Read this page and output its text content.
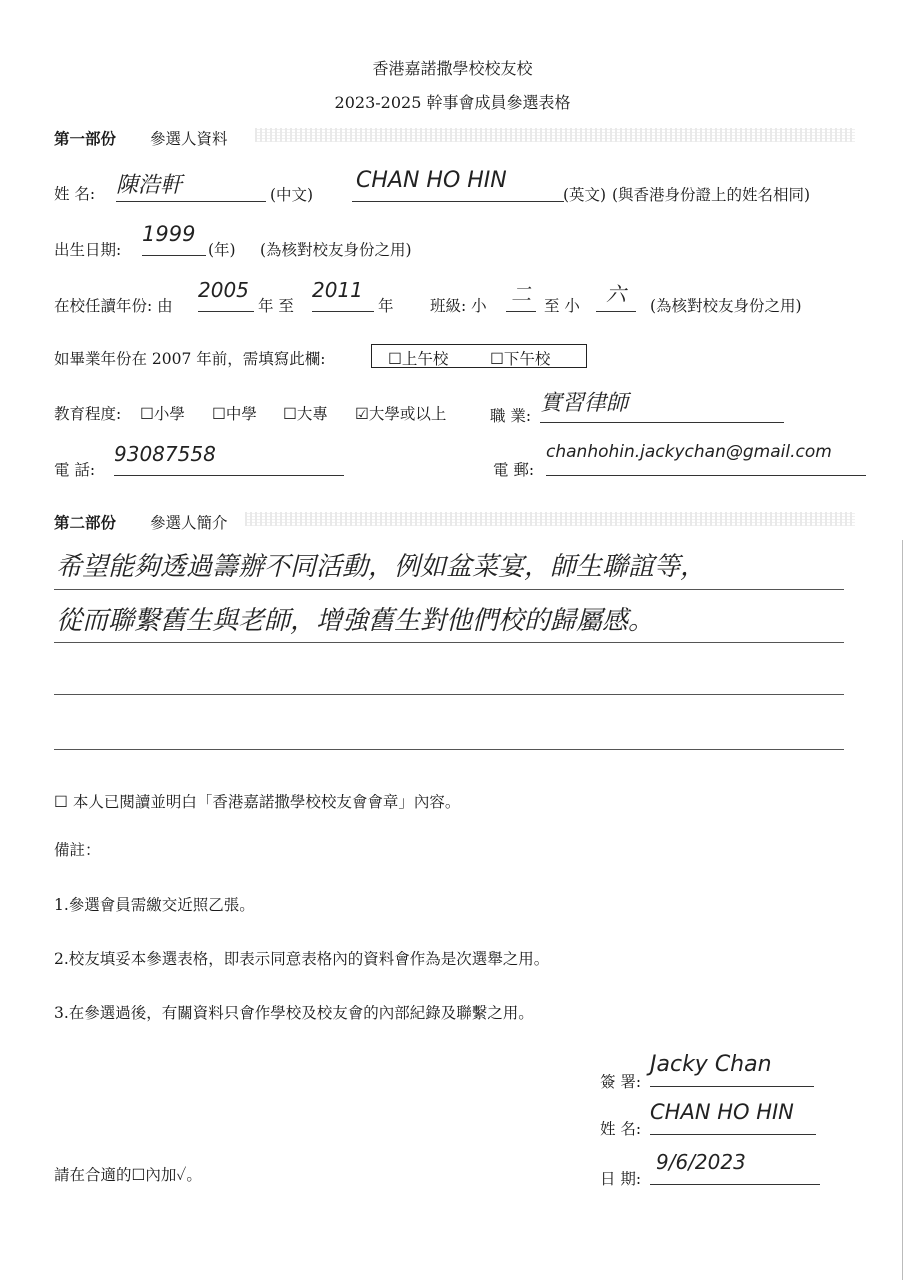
香港嘉諾撒學校校友校
2023-2025 幹事會成員參選表格
第一部份 參選人資料
姓 名: 陳浩軒	(中文)
CHAN HO HIN
(英文) (與香港身份證上的姓名相同)
出生日期:
1999
(年) (為核對校友身份之用)
在校任讀年份: 由
2005
年 至
2011
年 班級: 小 二 至 小	六	(為核對校友身份之用)
如畢業年份在 2007 年前，需填寫此欄:	☐上午校	☐下午校
教育程度: ☐小學 ☐中學 ☐大專 ☑大學或以上	職 業: 實習律師
電 話:
93087558
電 郵:
chanhohin.jackychan@gmail.com
第二部份 參選人簡介
希望能夠透過籌辦不同活動，例如盆菜宴，師生聯誼等，
從而聯繫舊生與老師，增強舊生對他們校的歸屬感。
☐ 本人已閱讀並明白「香港嘉諾撒學校校友會會章」內容。
備註：
1.參選會員需繳交近照乙張。
2.校友填妥本參選表格，即表示同意表格內的資料會作為是次選舉之用。
3.在參選過後，有關資料只會作學校及校友會的內部紀錄及聯繫之用。
簽 署:
Jacky Chan
姓 名:
CHAN HO HIN
請在合適的☐內加✓。	日 期:
9/6/2023
